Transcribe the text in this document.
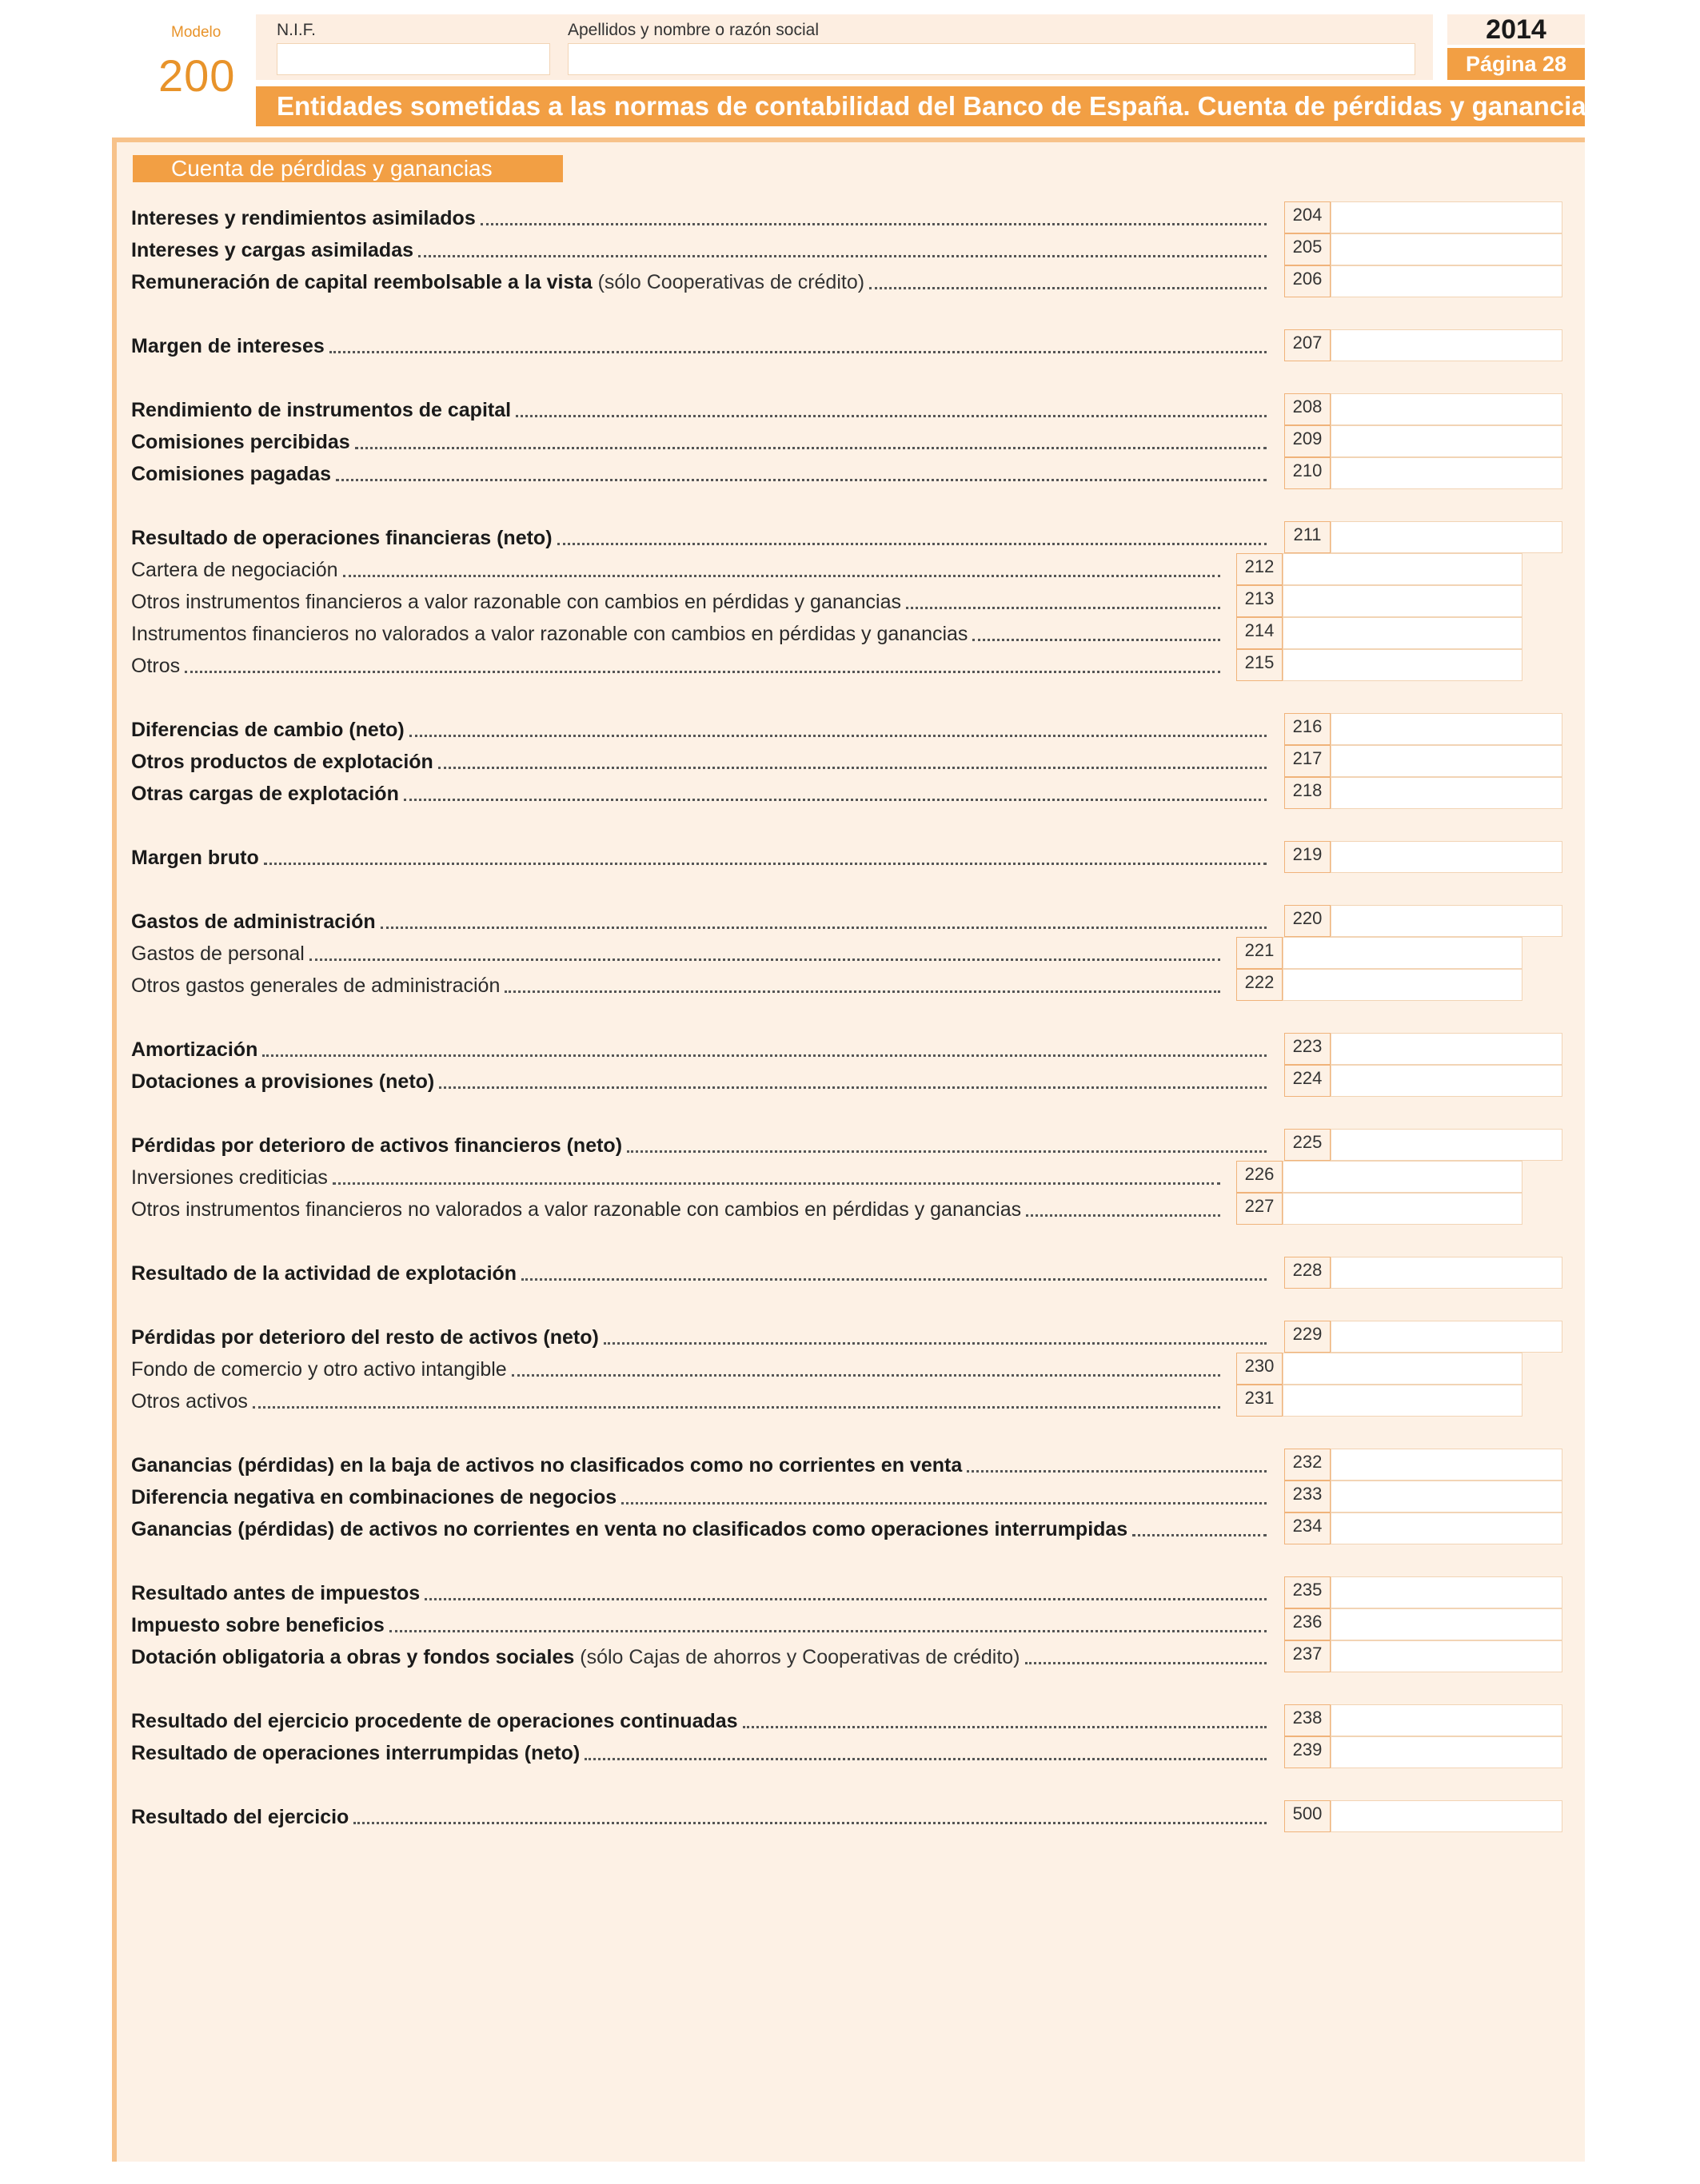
Modelo
200
N.I.F.	Apellidos y nombre o razón social	2014
Página 28
Entidades sometidas a las normas de contabilidad del Banco de España. Cuenta de pérdidas y ganancias.
Cuenta de pérdidas y ganancias
Intereses y rendimientos asimilados	204
Intereses y cargas asimiladas	205
Remuneración de capital reembolsable a la vista (sólo Cooperativas de crédito)	206
Margen de intereses	207
Rendimiento de instrumentos de capital	208
Comisiones percibidas	209
Comisiones pagadas	210
Resultado de operaciones financieras (neto)	211
Cartera de negociación	212
Otros instrumentos financieros a valor razonable con cambios en pérdidas y ganancias	213
Instrumentos financieros no valorados a valor razonable con cambios en pérdidas y ganancias	214
Otros	215
Diferencias de cambio (neto)	216
Otros productos de explotación	217
Otras cargas de explotación	218
Margen bruto	219
Gastos de administración	220
Gastos de personal	221
Otros gastos generales de administración	222
Amortización	223
Dotaciones a provisiones (neto)	224
Pérdidas por deterioro de activos financieros (neto)	225
Inversiones crediticias	226
Otros instrumentos financieros no valorados a valor razonable con cambios en pérdidas y ganancias	227
Resultado de la actividad de explotación	228
Pérdidas por deterioro del resto de activos (neto)	229
Fondo de comercio y otro activo intangible	230
Otros activos	231
Ganancias (pérdidas) en la baja de activos no clasificados como no corrientes en venta	232
Diferencia negativa en combinaciones de negocios	233
Ganancias (pérdidas) de activos no corrientes en venta no clasificados como operaciones interrumpidas	234
Resultado antes de impuestos	235
Impuesto sobre beneficios	236
Dotación obligatoria a obras y fondos sociales (sólo Cajas de ahorros y Cooperativas de crédito)	237
Resultado del ejercicio procedente de operaciones continuadas	238
Resultado de operaciones interrumpidas (neto)	239
Resultado del ejercicio	500
